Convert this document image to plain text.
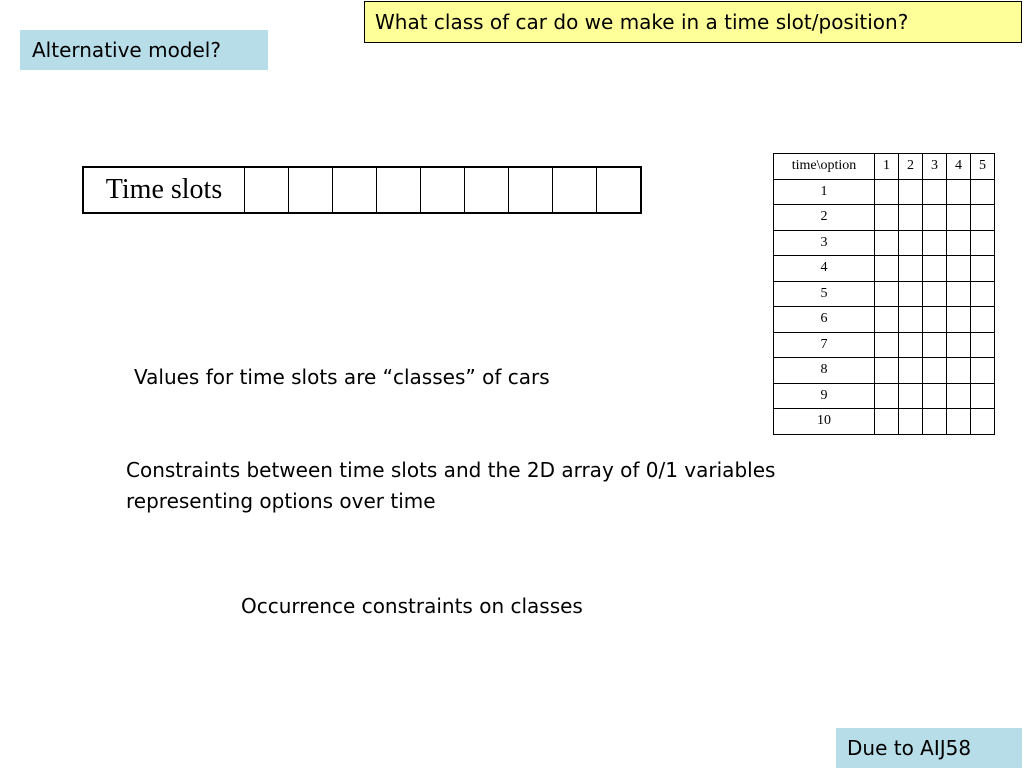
What class of car do we make in a time slot/position?
Alternative model?
Time slots									
time\option	1	2	3	4	5
1					
2					
3					
4					
5					
6					
7					
8					
9					
10					
Values for time slots are “classes” of cars
Constraints between time slots and the 2D array of 0/1 variables
representing options over time
Occurrence constraints on classes
Due to AIJ58
